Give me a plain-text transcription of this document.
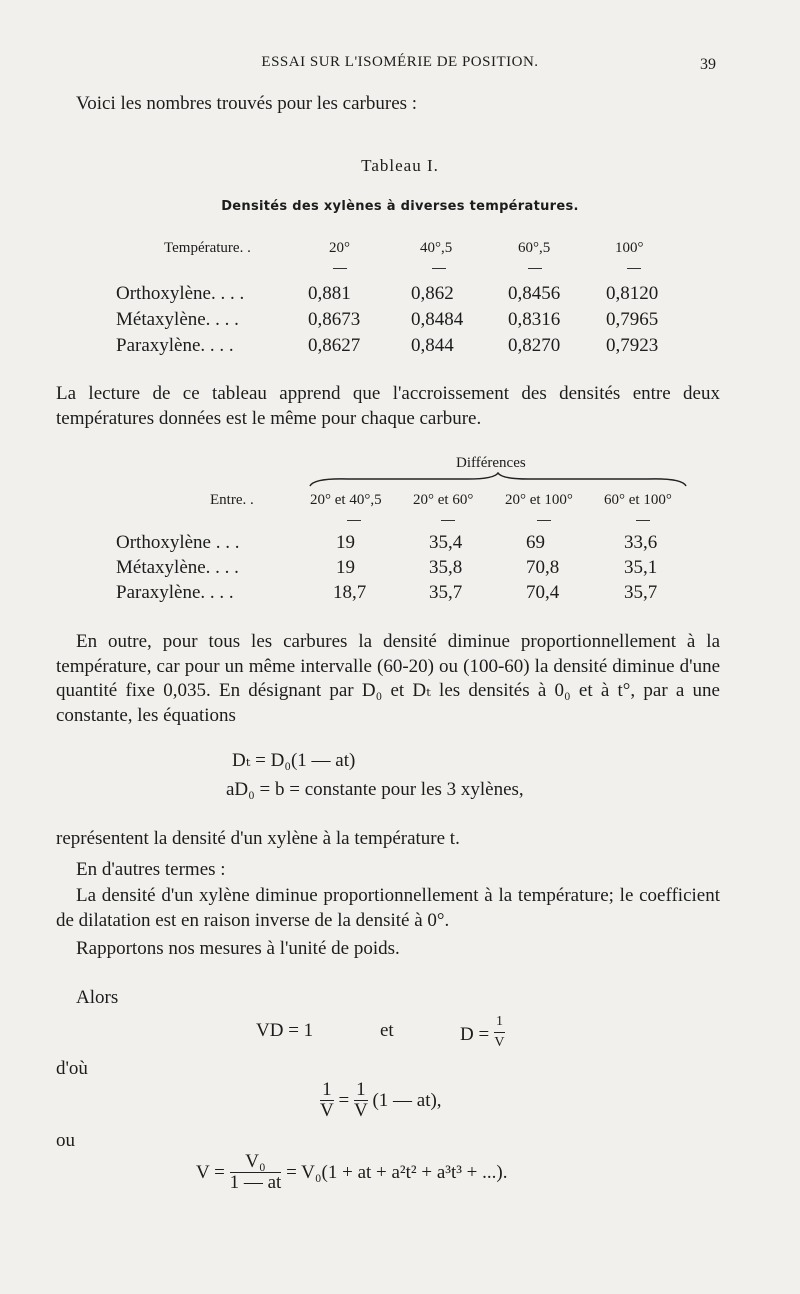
ESSAI SUR L'ISOMÉRIE DE POSITION.	39
Voici les nombres trouvés pour les carbures :
Tableau I.
Densités des xylènes à diverses températures.
Température. .	20°	40°,5	60°,5	100°
Orthoxylène. . . .	0,881	0,862	0,8456 0,8120
Métaxylène. . . .	0,8673	0,8484 0,8316 0,7965
Paraxylène. . . .	0,8627	0,844	0,8270 0,7923
La lecture de ce tableau apprend que l'accroissement des densités entre deux températures données est le même pour chaque carbure.
Différences
Entre. .	20° et 40°,5 20° et 60° 20° et 100° 60° et 100°
Orthoxylène . . .	19	35,4	69	33,6
Métaxylène. . . .	19	35,8	70,8	35,1
Paraxylène. . . .	18,7	35,7	70,4	35,7
En outre, pour tous les carbures la densité diminue proportionnellement à la température, car pour un même intervalle (60-20) ou (100-60) la densité diminue d'une quantité fixe 0,035. En désignant par D₀ et Dₜ les densités à 0₀ et à t°, par a une constante, les équations
Dₜ = D₀(1 — at)
aD₀ = b = constante pour les 3 xylènes,
représentent la densité d'un xylène à la température t.
En d'autres termes :
La densité d'un xylène diminue proportionnellement à la température; le coefficient de dilatation est en raison inverse de la densité à 0°.
Rapportons nos mesures à l'unité de poids.
Alors
VD = 1	et	$D = \frac{1}{V}$
d'où
$\frac{1}{V} = \frac{1}{V} (1$ — at),
ou
$V = \frac{\text{V₀}}{1 — at} = V_0(1$ + at + a²t² + a³t³ + ...).
